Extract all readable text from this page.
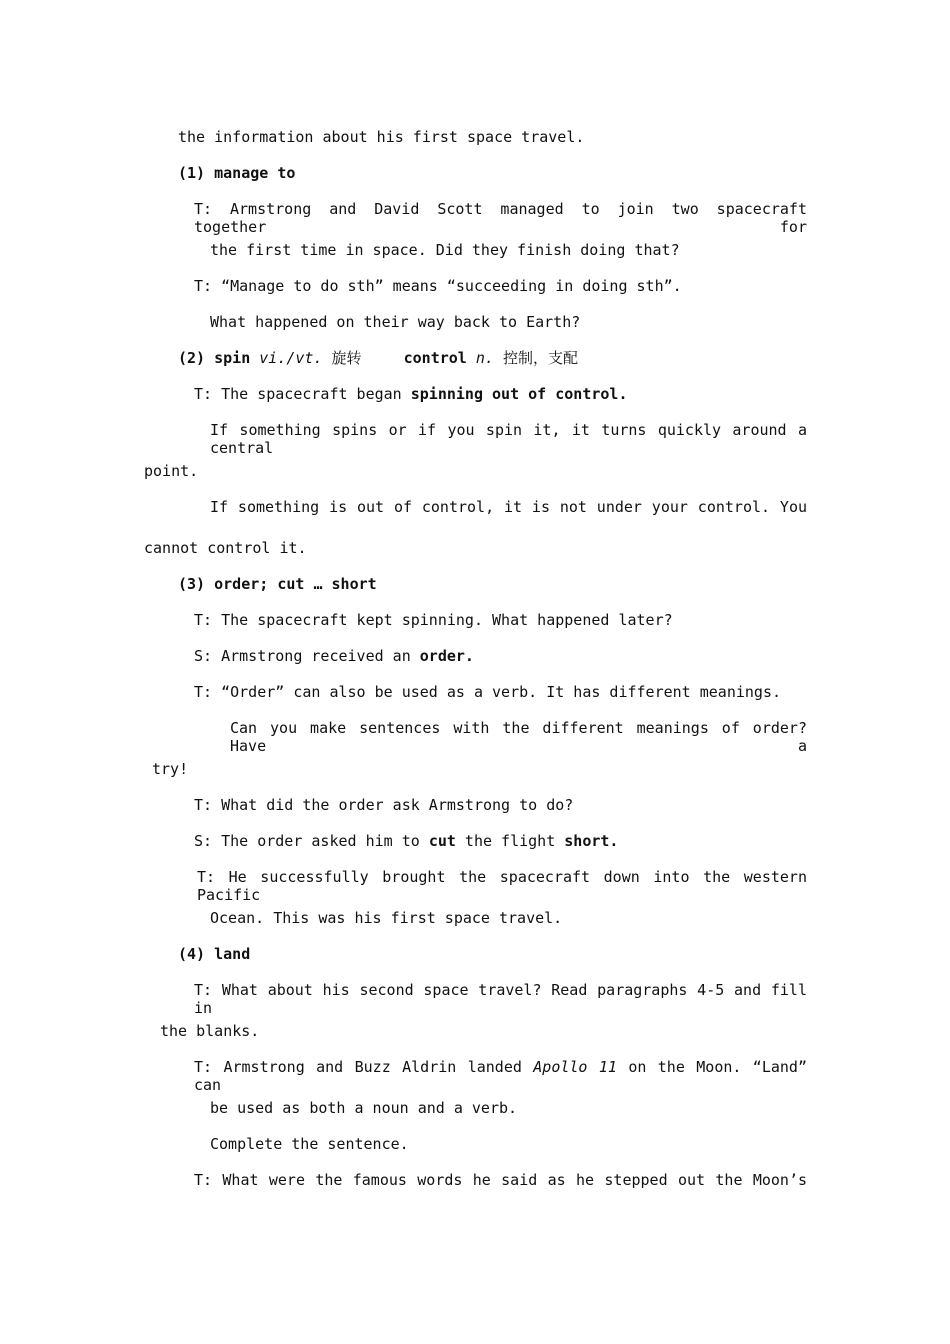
the information about his first space travel.
(1) manage to
T: Armstrong and David Scott managed to join two spacecraft together for
the first time in space. Did they finish doing that?
T: “Manage to do sth” means “succeeding in doing sth”.
What happened on their way back to Earth?
(2) spin vi./vt. 旋转	control n. 控制，支配
T: The spacecraft began spinning out of control.
If something spins or if you spin it, it turns quickly around a central
point.
If something is out of control, it is not under your control. You
cannot control it.
(3) order; cut … short
T: The spacecraft kept spinning. What happened later?
S: Armstrong received an order.
T: “Order” can also be used as a verb. It has different meanings.
Can you make sentences with the different meanings of order? Have a
try!
T: What did the order ask Armstrong to do?
S: The order asked him to cut the flight short.
T: He successfully brought the spacecraft down into the western Pacific
Ocean. This was his first space travel.
(4) land
T: What about his second space travel? Read paragraphs 4-5 and fill in
the blanks.
T: Armstrong and Buzz Aldrin landed Apollo 11 on the Moon. “Land” can
be used as both a noun and a verb.
Complete the sentence.
T: What were the famous words he said as he stepped out the Moon’s
